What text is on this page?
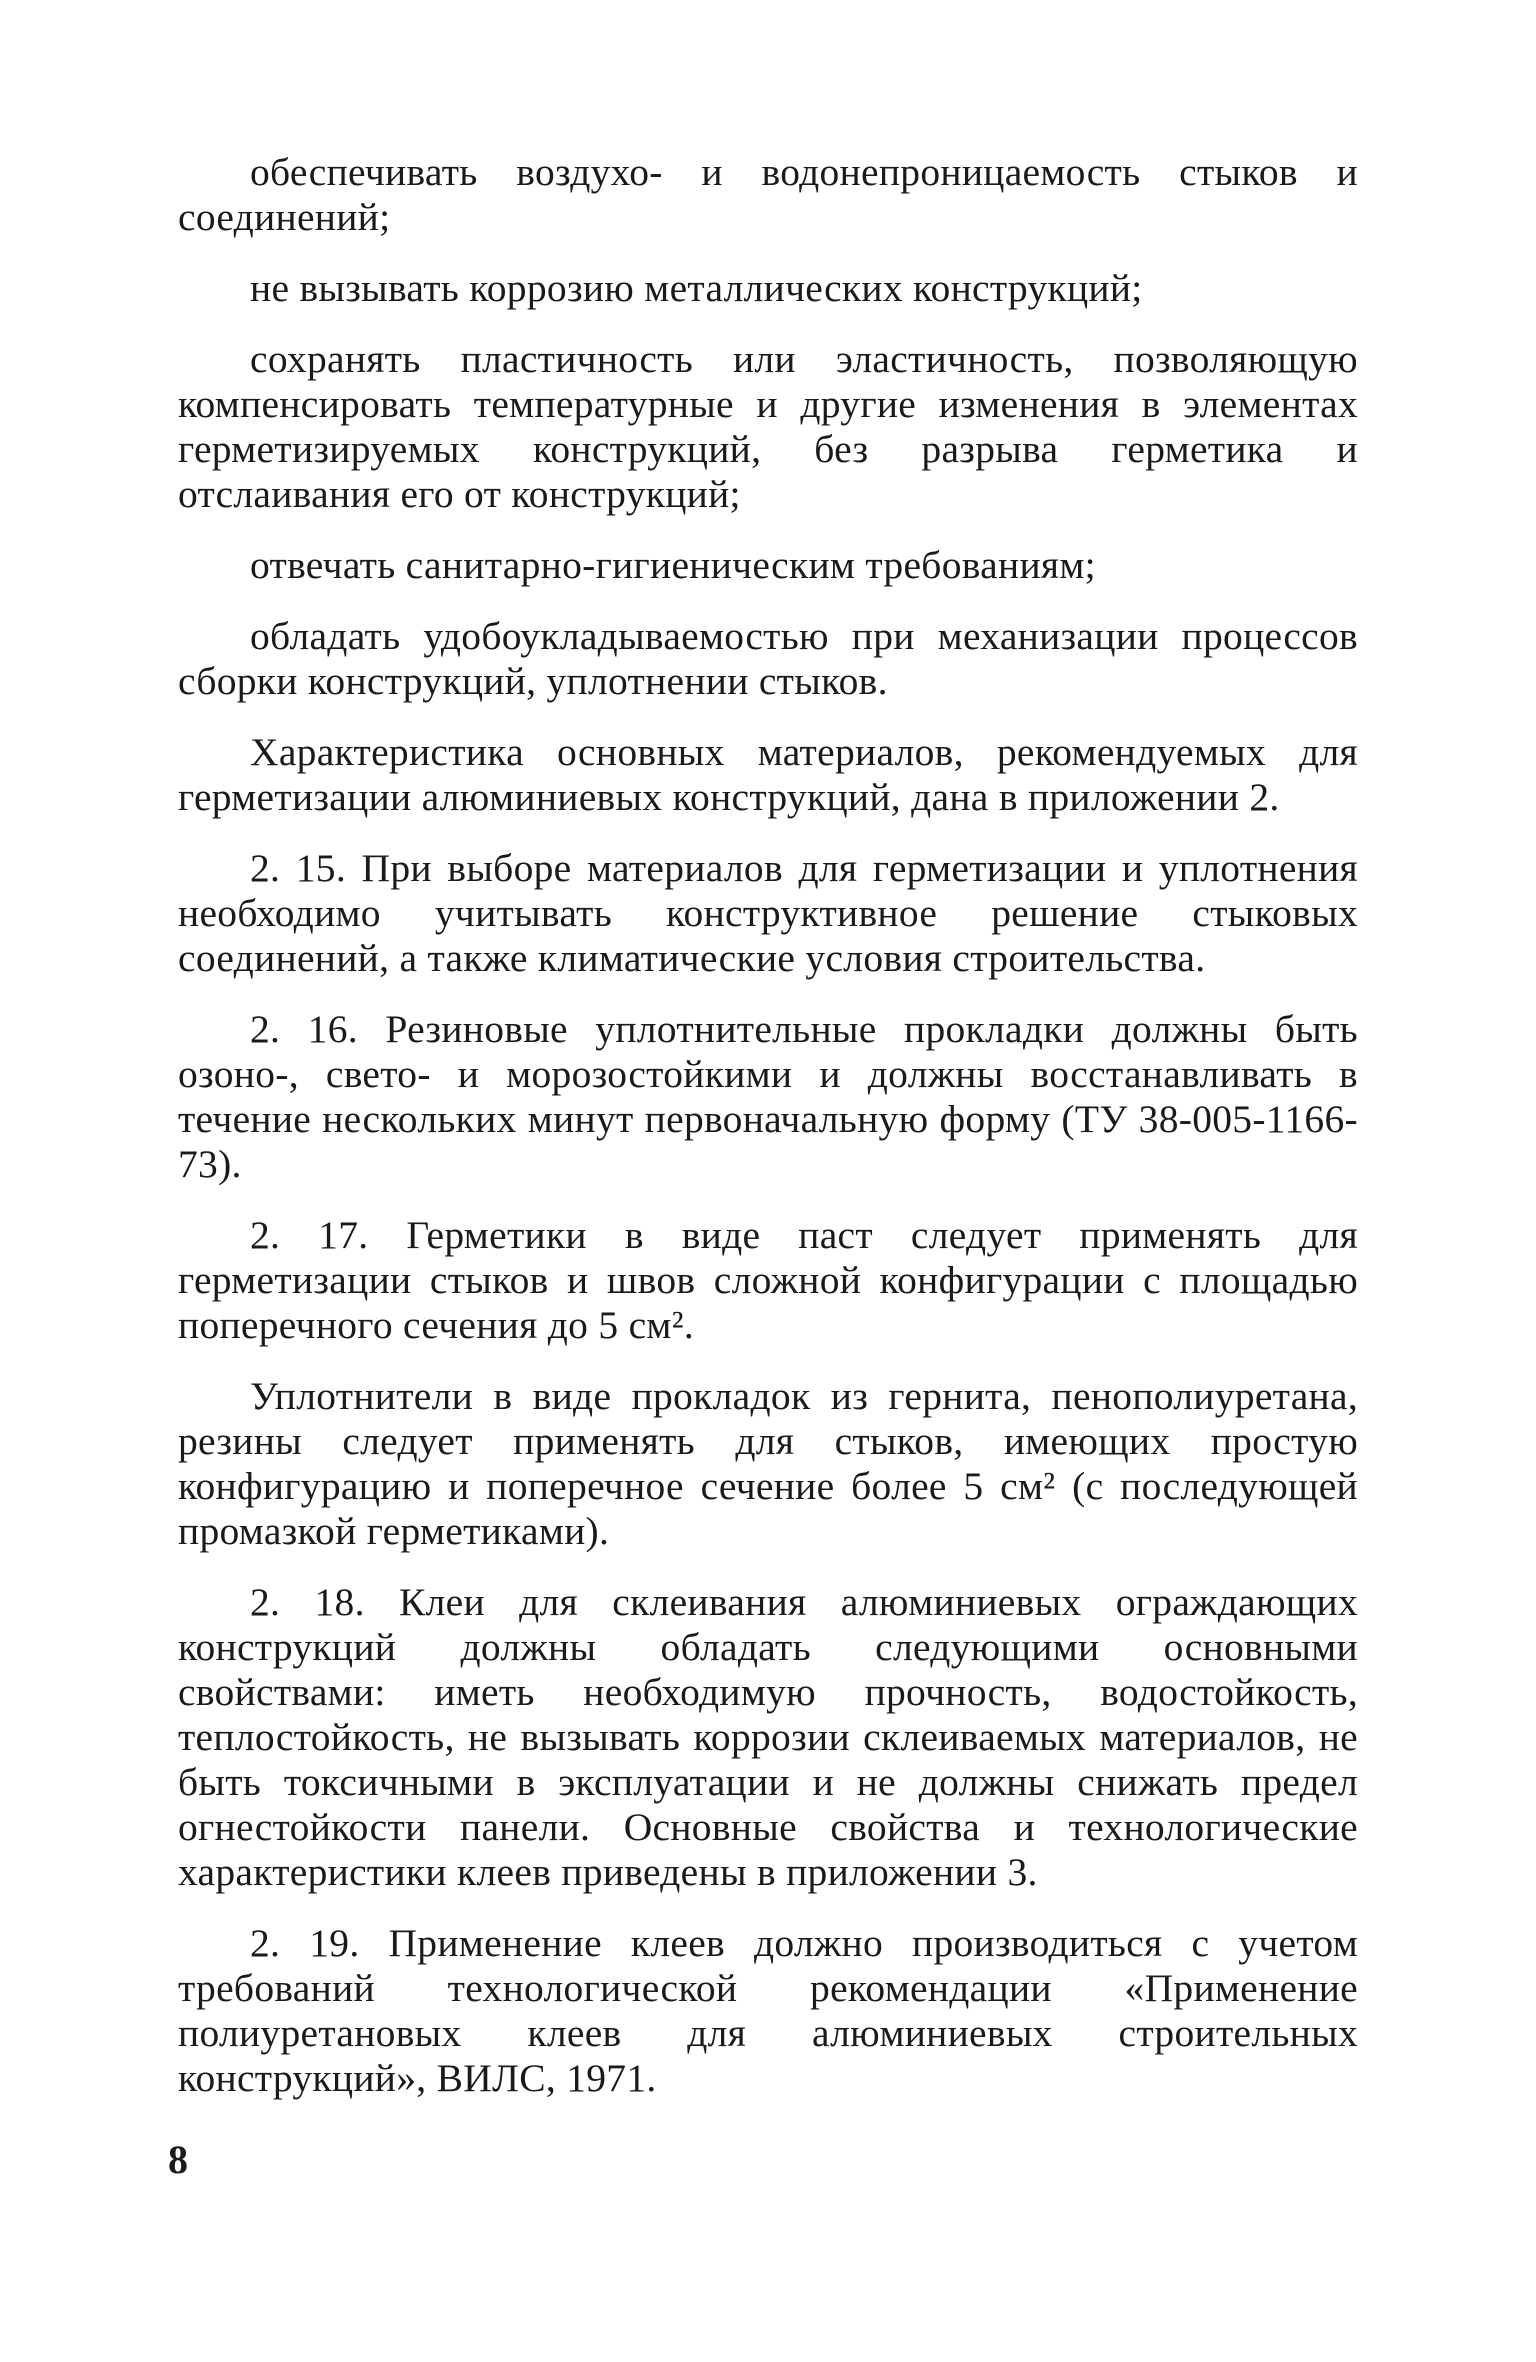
обеспечивать воздухо- и водонепроницаемость стыков и соединений;

не вызывать коррозию металлических конструкций;

сохранять пластичность или эластичность, позволяющую компенсировать температурные и другие изменения в элементах герметизируемых конструкций, без разрыва герметика и отслаивания его от конструкций;

отвечать санитарно-гигиеническим требованиям;

обладать удобоукладываемостью при механизации процессов сборки конструкций, уплотнении стыков.

Характеристика основных материалов, рекомендуемых для герметизации алюминиевых конструкций, дана в приложении 2.

2. 15. При выборе материалов для герметизации и уплотнения необходимо учитывать конструктивное решение стыковых соединений, а также климатические условия строительства.

2. 16. Резиновые уплотнительные прокладки должны быть озоно-, свето- и морозостойкими и должны восстанавливать в течение нескольких минут первоначальную форму (ТУ 38-005-1166-73).

2. 17. Герметики в виде паст следует применять для герметизации стыков и швов сложной конфигурации с площадью поперечного сечения до 5 см².

Уплотнители в виде прокладок из гернита, пенополиуретана, резины следует применять для стыков, имеющих простую конфигурацию и поперечное сечение более 5 см² (с последующей промазкой герметиками).

2. 18. Клеи для склеивания алюминиевых ограждающих конструкций должны обладать следующими основными свойствами: иметь необходимую прочность, водостойкость, теплостойкость, не вызывать коррозии склеиваемых материалов, не быть токсичными в эксплуатации и не должны снижать предел огнестойкости панели. Основные свойства и технологические характеристики клеев приведены в приложении 3.

2. 19. Применение клеев должно производиться с учетом требований технологической рекомендации «Применение полиуретановых клеев для алюминиевых строительных конструкций», ВИЛС, 1971.

8
